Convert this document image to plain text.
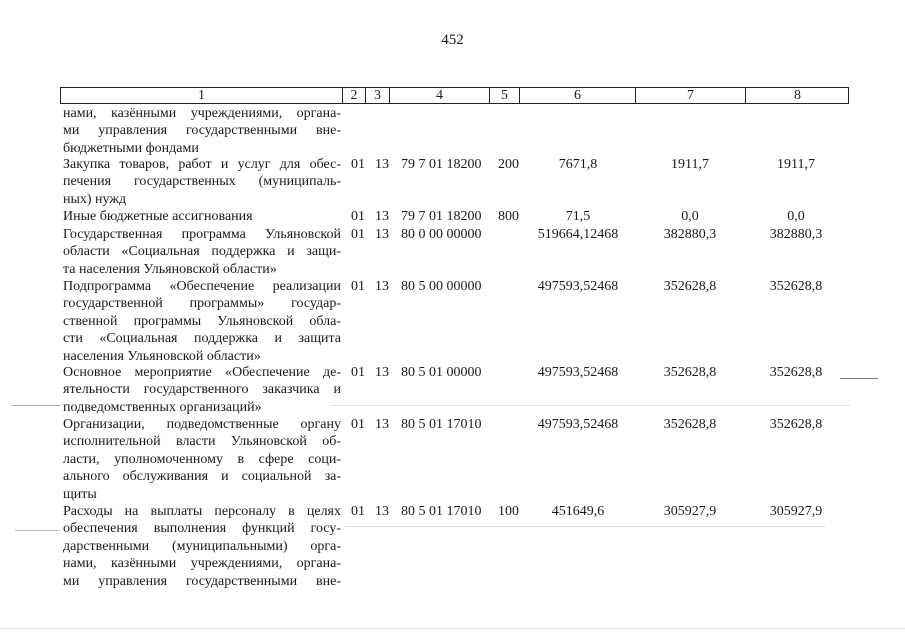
452
1	2	3	4	5	6	7	8
нами, казёнными учреждениями, органа-
ми управления государственными вне-
бюджетными фондами
Закупка товаров, работ и услуг для обес-
печения государственных (муниципаль-
ных) нужд
01 13 79 7 01 18200 200	7671,8	1911,7	1911,7
Иные бюджетные ассигнования	01 13 79 7 01 18200 800	71,5	0,0	0,0
Государственная программа Ульяновской
области «Социальная поддержка и защи-
та населения Ульяновской области»
01 13 80 0 00 00000	519664,12468	382880,3	382880,3
Подпрограмма «Обеспечение реализации
государственной программы» государ-
ственной программы Ульяновской обла-
сти «Социальная поддержка и защита
населения Ульяновской области»
01 13 80 5 00 00000	497593,52468	352628,8	352628,8
Основное мероприятие «Обеспечение де-
ятельности государственного заказчика и
подведомственных организаций»
01 13 80 5 01 00000	497593,52468	352628,8	352628,8
Организации, подведомственные органу
исполнительной власти Ульяновской об-
ласти, уполномоченному в сфере соци-
ального обслуживания и социальной за-
щиты
01 13 80 5 01 17010	497593,52468	352628,8	352628,8
Расходы на выплаты персоналу в целях
обеспечения выполнения функций госу-
дарственными (муниципальными) орга-
нами, казёнными учреждениями, органа-
ми управления государственными вне-
01 13 80 5 01 17010 100	451649,6	305927,9	305927,9
